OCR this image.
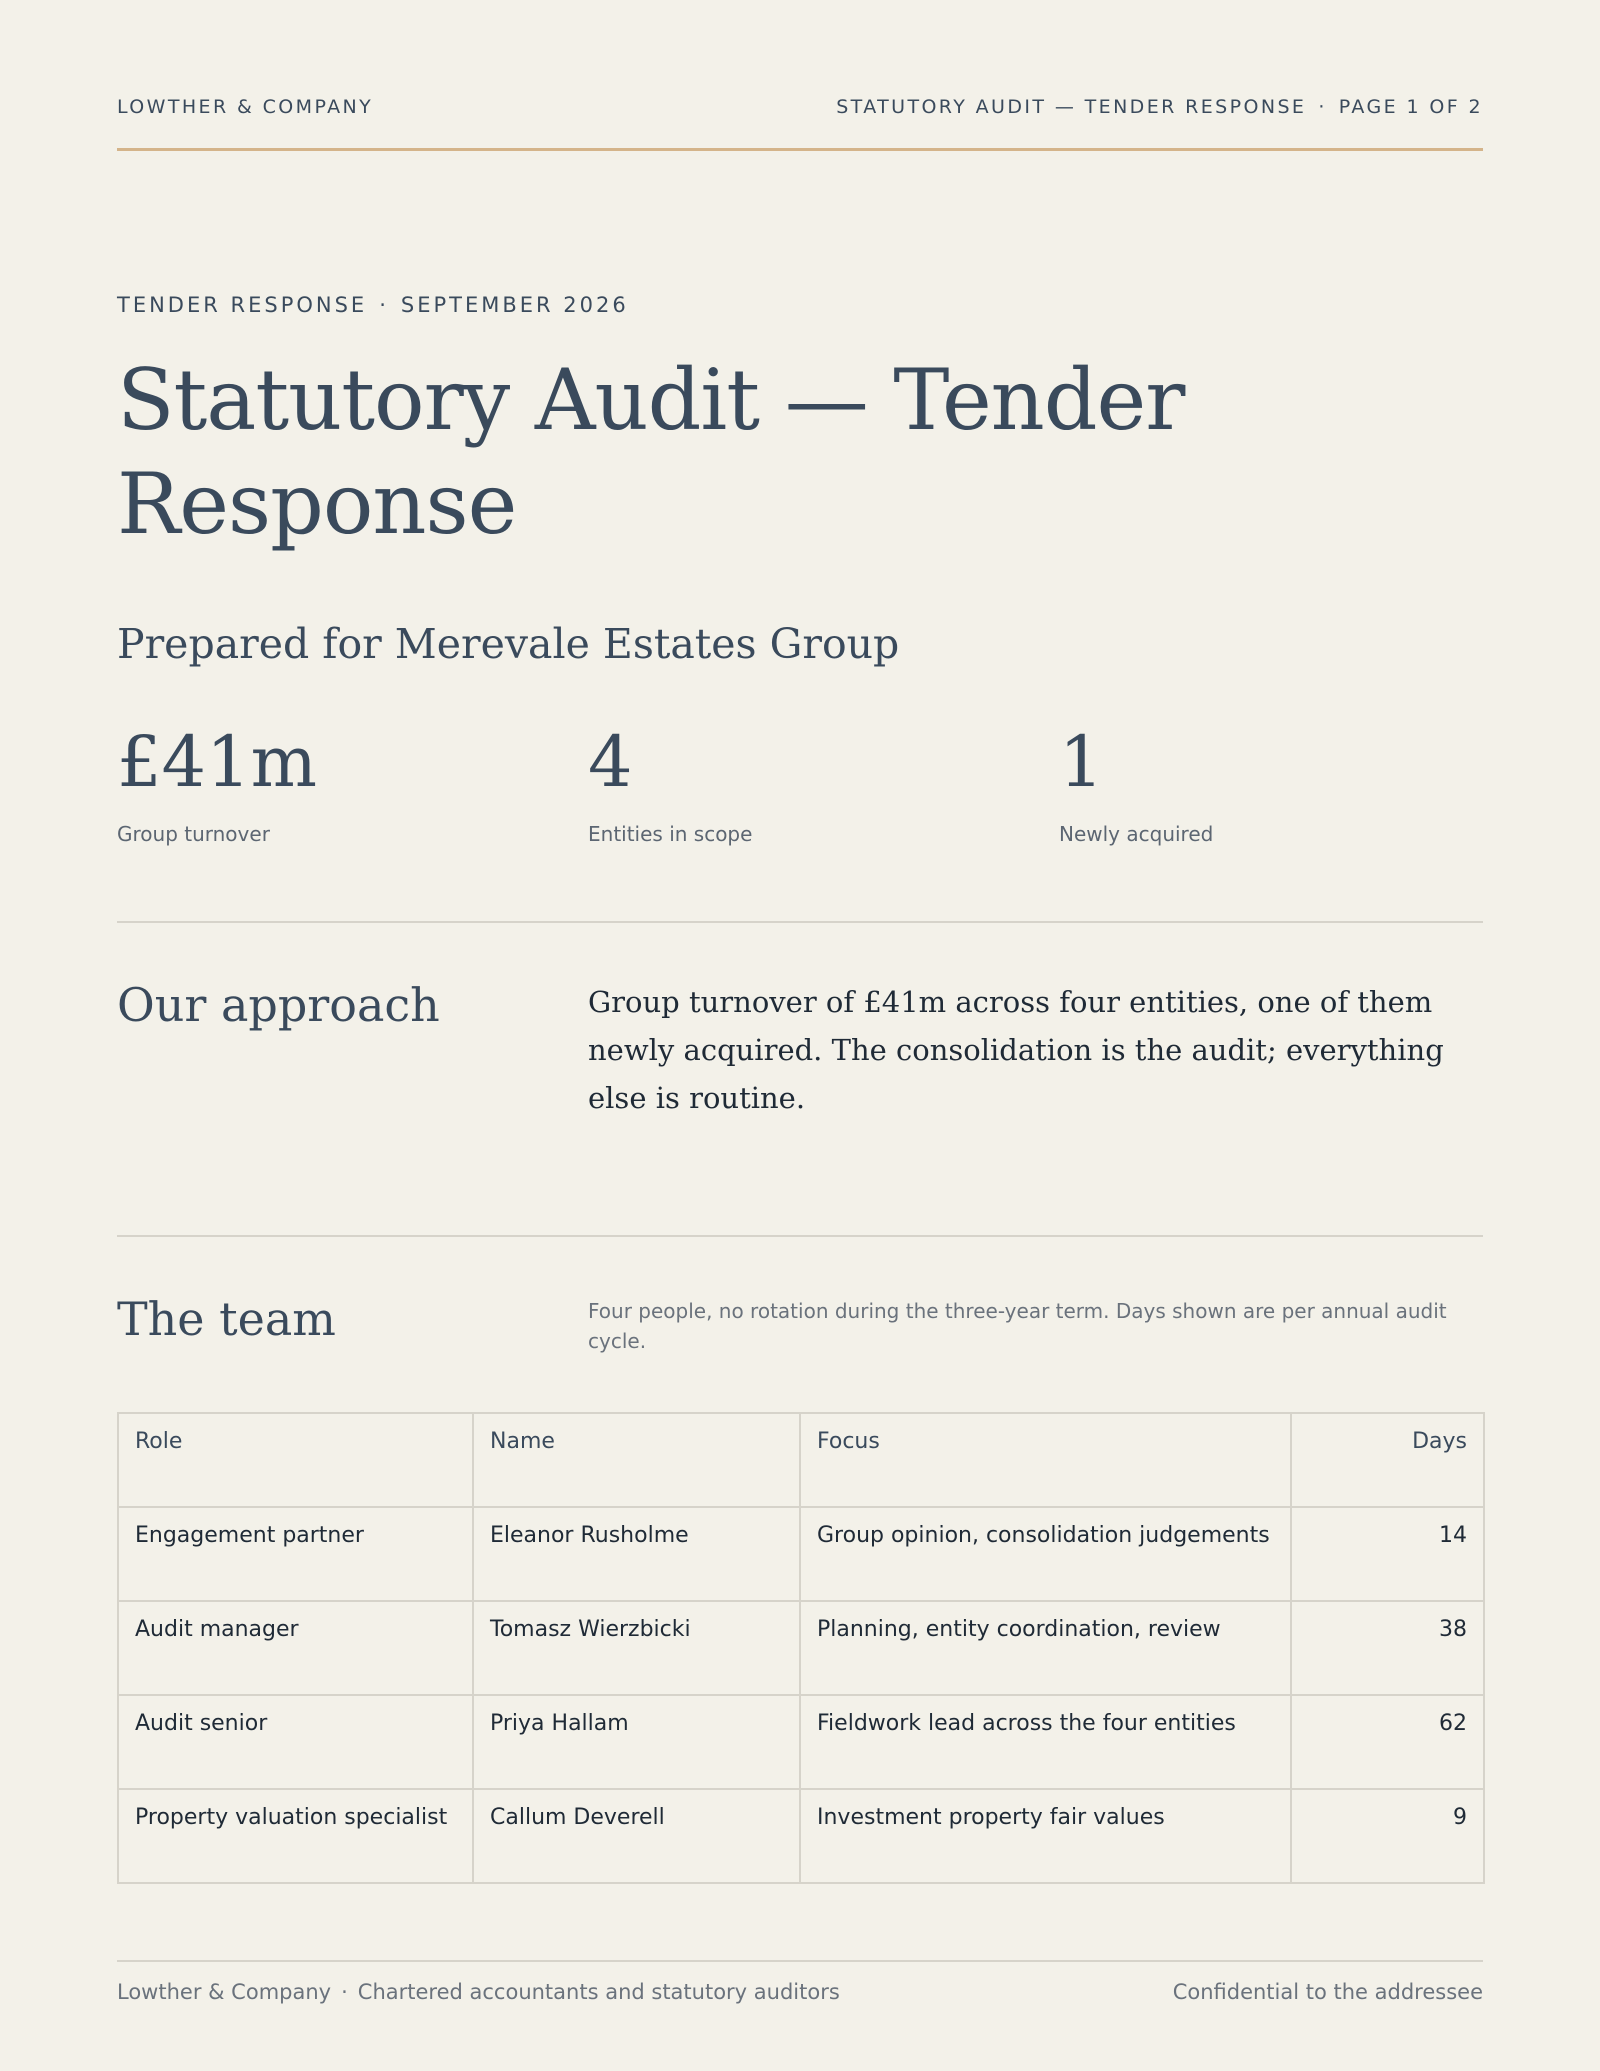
LOWTHER & COMPANY	STATUTORY AUDIT — TENDER RESPONSE · PAGE 1 OF 2
TENDER RESPONSE · SEPTEMBER 2026
Statutory Audit — Tender Response
Prepared for Merevale Estates Group
£41m
Group turnover
4
Entities in scope
1
Newly acquired
Our approach	Group turnover of £41m across four entities, one of them newly acquired. The consolidation is the audit; everything else is routine.
The team	Four people, no rotation during the three-year term. Days shown are per annual audit cycle.
Role	Name	Focus	Days
Engagement partner	Eleanor Rusholme	Group opinion, consolidation judgements	14
Audit manager	Tomasz Wierzbicki	Planning, entity coordination, review	38
Audit senior	Priya Hallam	Fieldwork lead across the four entities	62
Property valuation specialist	Callum Deverell	Investment property fair values	9
Lowther & Company · Chartered accountants and statutory auditors	Confidential to the addressee
